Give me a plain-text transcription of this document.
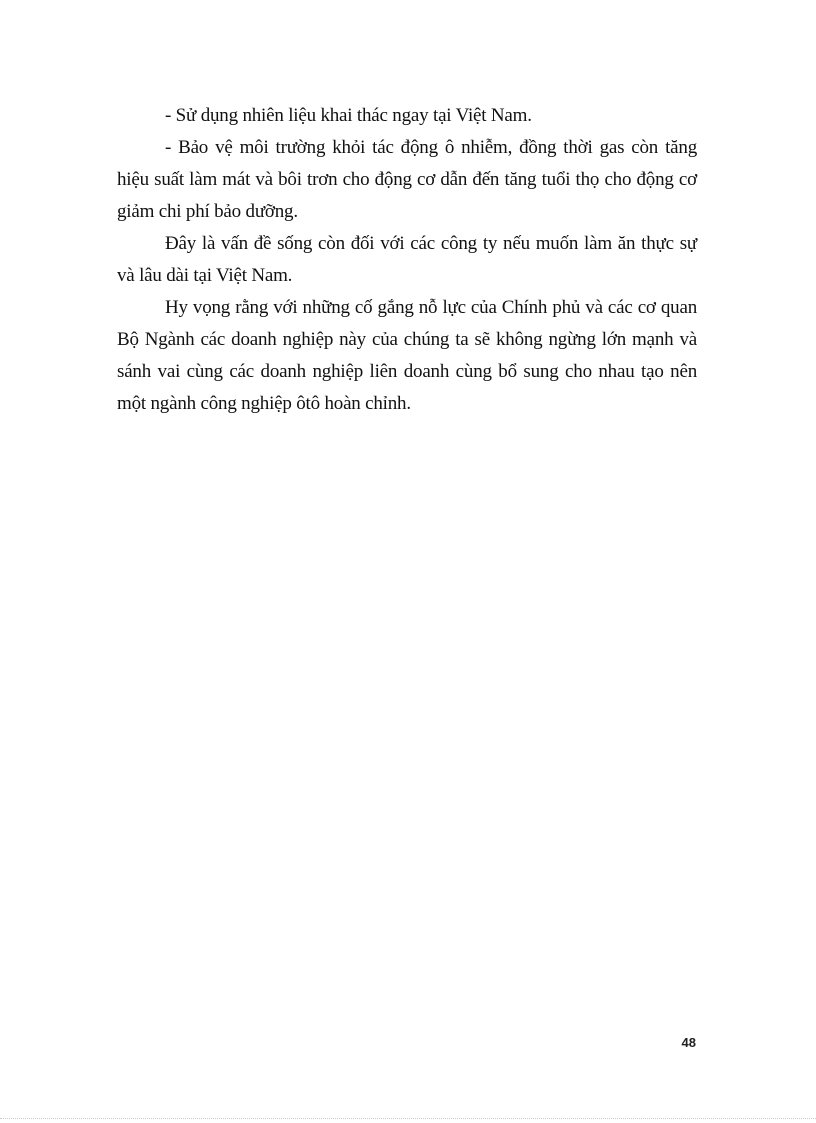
- Sử dụng nhiên liệu khai thác ngay tại Việt Nam.

- Bảo vệ môi trường khỏi tác động ô nhiễm, đồng thời gas còn tăng hiệu suất làm mát và bôi trơn cho động cơ dẫn đến tăng tuổi thọ cho động cơ giảm chi phí bảo dưỡng.

Đây là vấn đề sống còn đối với các công ty nếu muốn làm ăn thực sự và lâu dài tại Việt Nam.

Hy vọng rằng với những cố gắng nỗ lực của Chính phủ và các cơ quan Bộ Ngành các doanh nghiệp này của chúng ta sẽ không ngừng lớn mạnh và sánh vai cùng các doanh nghiệp liên doanh cùng bổ sung cho nhau tạo nên một ngành công nghiệp ôtô hoàn chỉnh.

48
